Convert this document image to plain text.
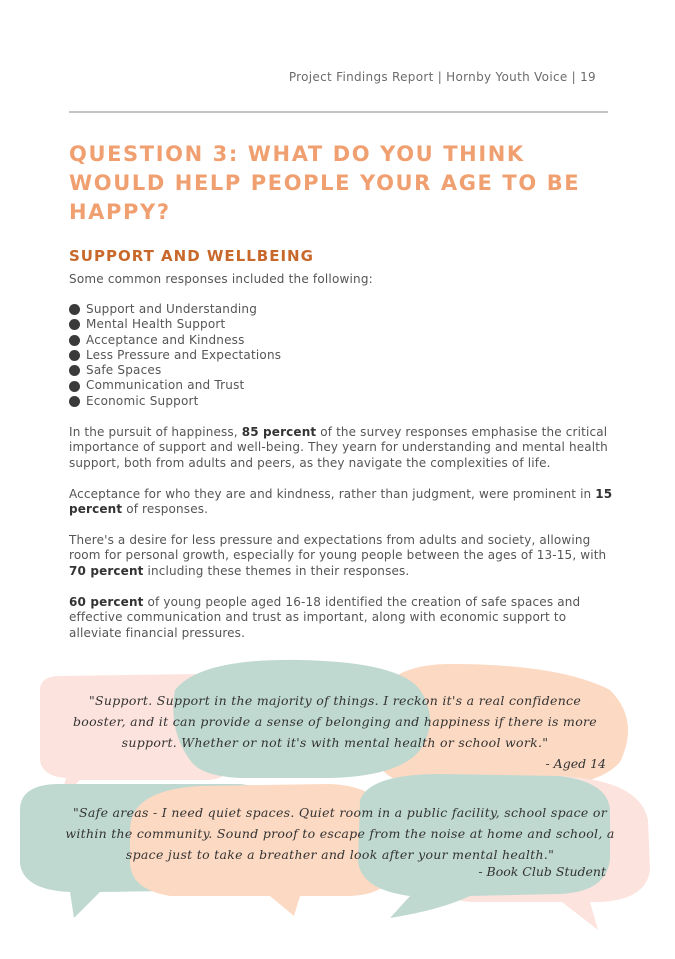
Project Findings Report | Hornby Youth Voice | 19
QUESTION 3: WHAT DO YOU THINK WOULD HELP PEOPLE YOUR AGE TO BE HAPPY?
SUPPORT AND WELLBEING
Some common responses included the following:
Support and Understanding
Mental Health Support
Acceptance and Kindness
Less Pressure and Expectations
Safe Spaces
Communication and Trust
Economic Support

In the pursuit of happiness, 85 percent of the survey responses emphasise the critical importance of support and well-being. They yearn for understanding and mental health support, both from adults and peers, as they navigate the complexities of life.

Acceptance for who they are and kindness, rather than judgment, were prominent in 15 percent of responses.

There's a desire for less pressure and expectations from adults and society, allowing room for personal growth, especially for young people between the ages of 13-15, with 70 percent including these themes in their responses.

60 percent of young people aged 16-18 identified the creation of safe spaces and effective communication and trust as important, along with economic support to alleviate financial pressures.

"Support. Support in the majority of things. I reckon it's a real confidence booster, and it can provide a sense of belonging and happiness if there is more support. Whether or not it's with mental health or school work."
- Aged 14
"Safe areas - I need quiet spaces. Quiet room in a public facility, school space or within the community. Sound proof to escape from the noise at home and school, a space just to take a breather and look after your mental health."
- Book Club Student
